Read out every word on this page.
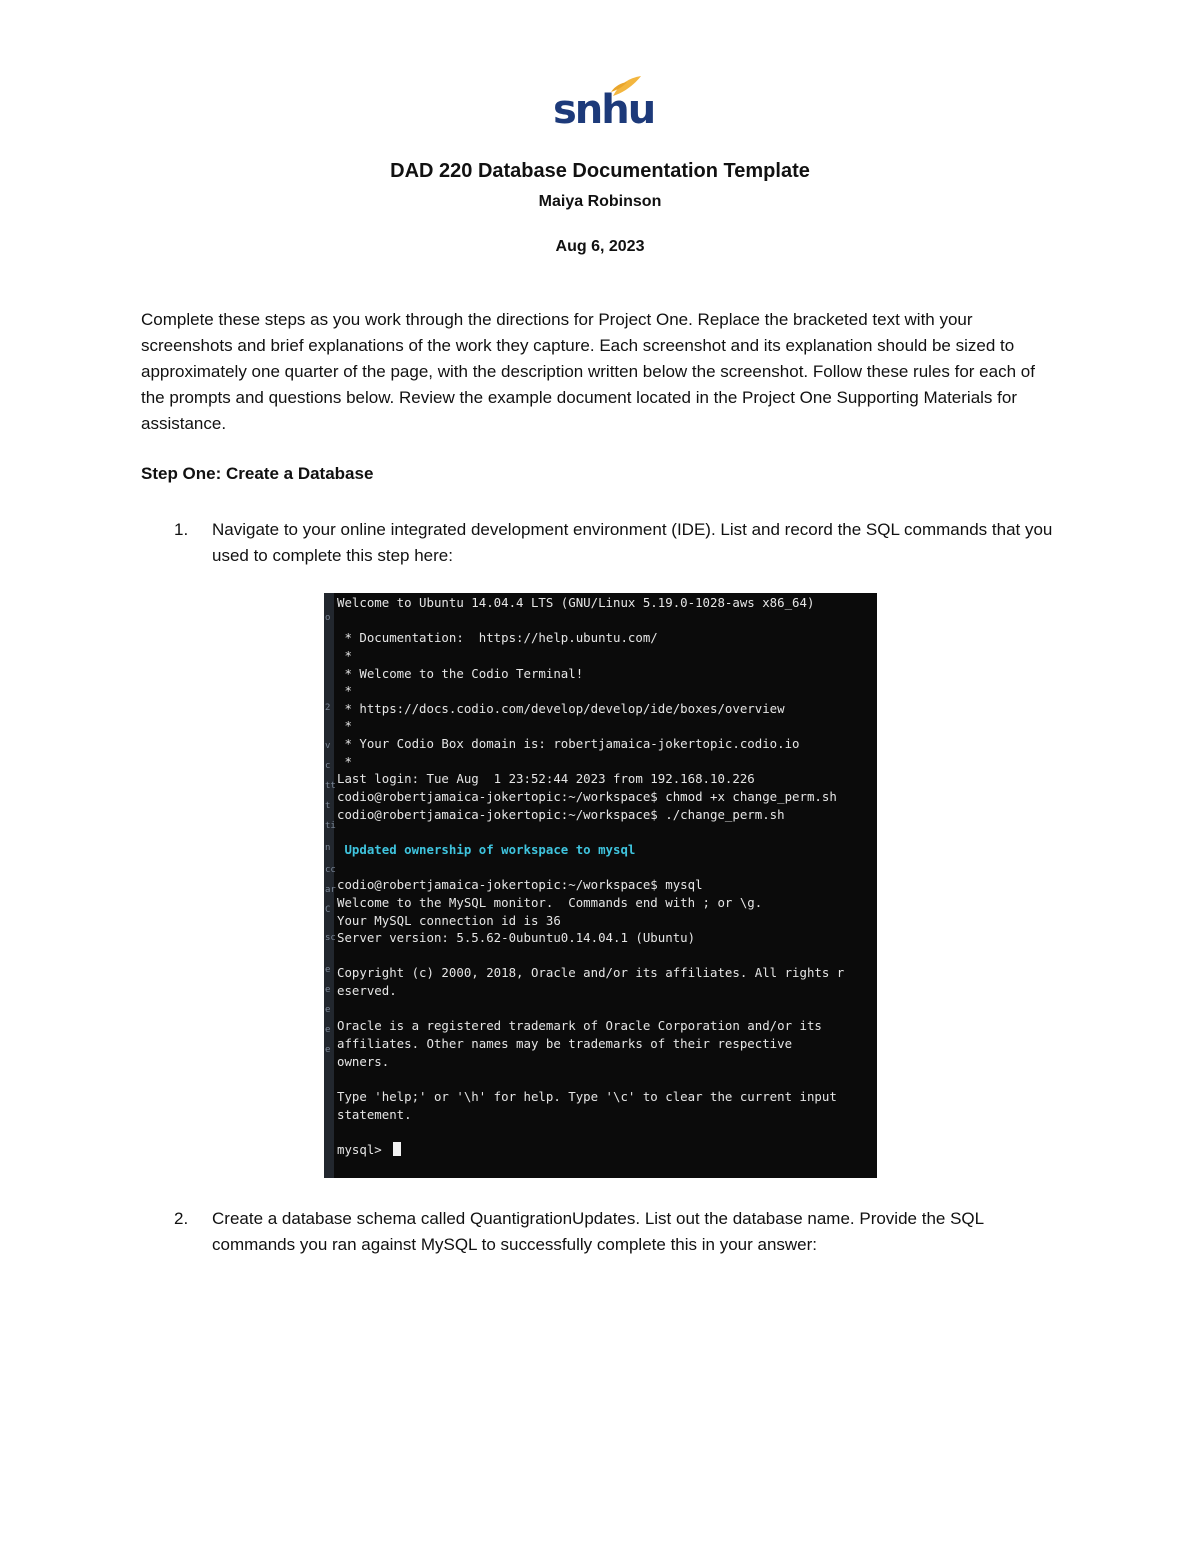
snhu
DAD 220 Database Documentation Template
Maiya Robinson
Aug 6, 2023
Complete these steps as you work through the directions for Project One. Replace the bracketed text with your screenshots and brief explanations of the work they capture. Each screenshot and its explanation should be sized to approximately one quarter of the page, with the description written below the screenshot. Follow these rules for each of the prompts and questions below. Review the example document located in the Project One Supporting Materials for assistance.
Step One: Create a Database
1. Navigate to your online integrated development environment (IDE). List and record the SQL commands that you used to complete this step here:
o
2
v
c
tt
t
ti
n
cc
ar
C
sc
e
e
e
e
e
Welcome to Ubuntu 14.04.4 LTS (GNU/Linux 5.19.0-1028-aws x86_64)
* Documentation:  https://help.ubuntu.com/
*
* Welcome to the Codio Terminal!
*
* https://docs.codio.com/develop/develop/ide/boxes/overview
*
* Your Codio Box domain is: robertjamaica-jokertopic.codio.io
*
Last login: Tue Aug  1 23:52:44 2023 from 192.168.10.226
codio@robertjamaica-jokertopic:~/workspace$ chmod +x change_perm.sh
codio@robertjamaica-jokertopic:~/workspace$ ./change_perm.sh
Updated ownership of workspace to mysql
codio@robertjamaica-jokertopic:~/workspace$ mysql
Welcome to the MySQL monitor.  Commands end with ; or \g.
Your MySQL connection id is 36
Server version: 5.5.62-0ubuntu0.14.04.1 (Ubuntu)
Copyright (c) 2000, 2018, Oracle and/or its affiliates. All rights r
eserved.
Oracle is a registered trademark of Oracle Corporation and/or its
affiliates. Other names may be trademarks of their respective
owners.
Type 'help;' or '\h' for help. Type '\c' to clear the current input
statement.
mysql>
2. Create a database schema called QuantigrationUpdates. List out the database name. Provide the SQL commands you ran against MySQL to successfully complete this in your answer:
